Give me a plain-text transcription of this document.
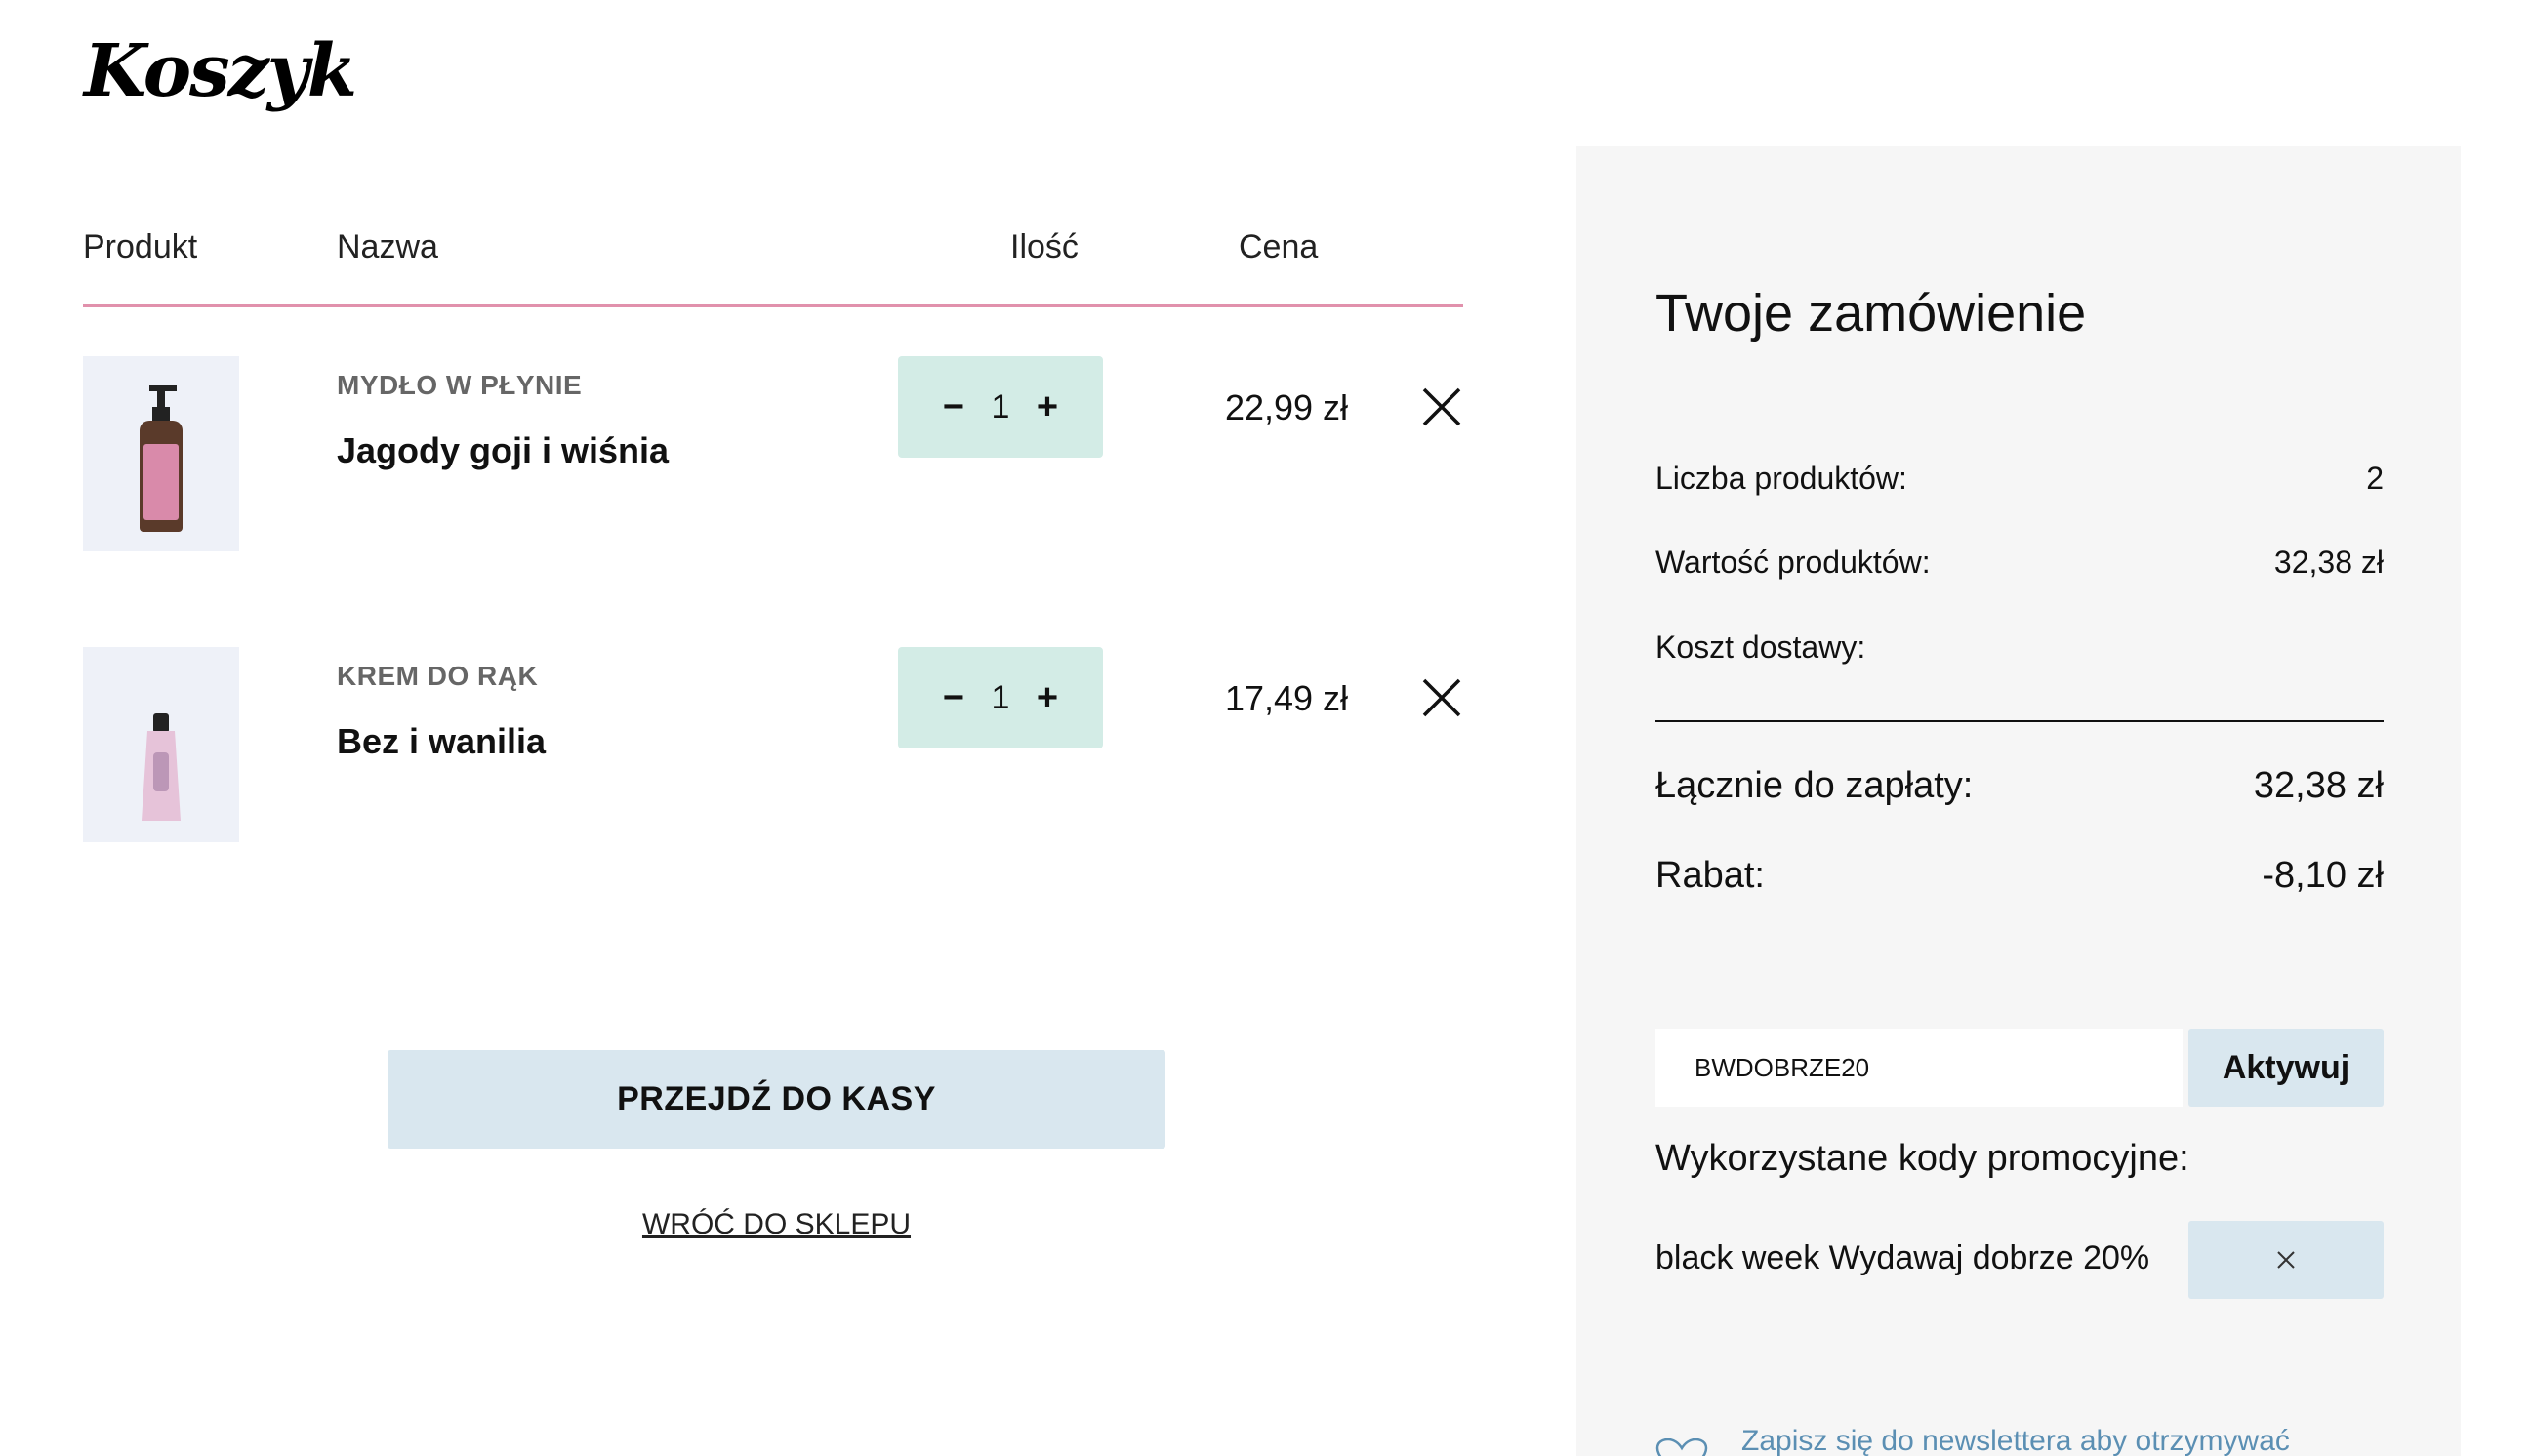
Koszyk
Produkt	Nazwa	Ilość	Cena
MYDŁO W PŁYNIE
Jagody goji i wiśnia
− 1 +	22,99 zł
KREM DO RĄK
Bez i wanilia
− 1 +	17,49 zł
PRZEJDŹ DO KASY
WRÓĆ DO SKLEPU
Twoje zamówienie
Liczba produktów:	2
Wartość produktów:	32,38 zł
Koszt dostawy:
Łącznie do zapłaty:	32,38 zł
Rabat:	-8,10 zł
BWDOBRZE20
Aktywuj
Wykorzystane kody promocyjne:
black week Wydawaj dobrze 20%
Zapisz się do newslettera aby otrzymywać
